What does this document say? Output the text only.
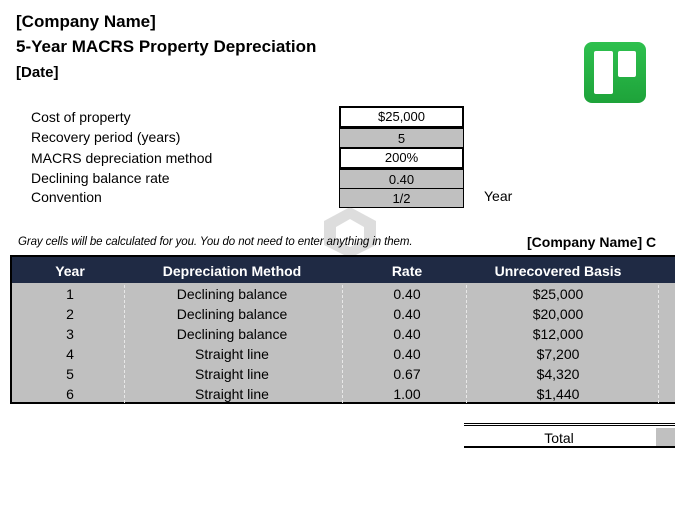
[Company Name]
5-Year MACRS Property Depreciation
[Date]
Cost of property	$25,000
Recovery period (years)	5
MACRS depreciation method	200%
Declining balance rate	0.40
Convention	1/2	Year
Gray cells will be calculated for you. You do not need to enter anything in them.	[Company Name] C
Year	Depreciation Method	Rate	Unrecovered Basis
1	Declining balance	0.40	$25,000
2	Declining balance	0.40	$20,000
3	Declining balance	0.40	$12,000
4	Straight line	0.40	$7,200
5	Straight line	0.67	$4,320
6	Straight line	1.00	$1,440
Total
